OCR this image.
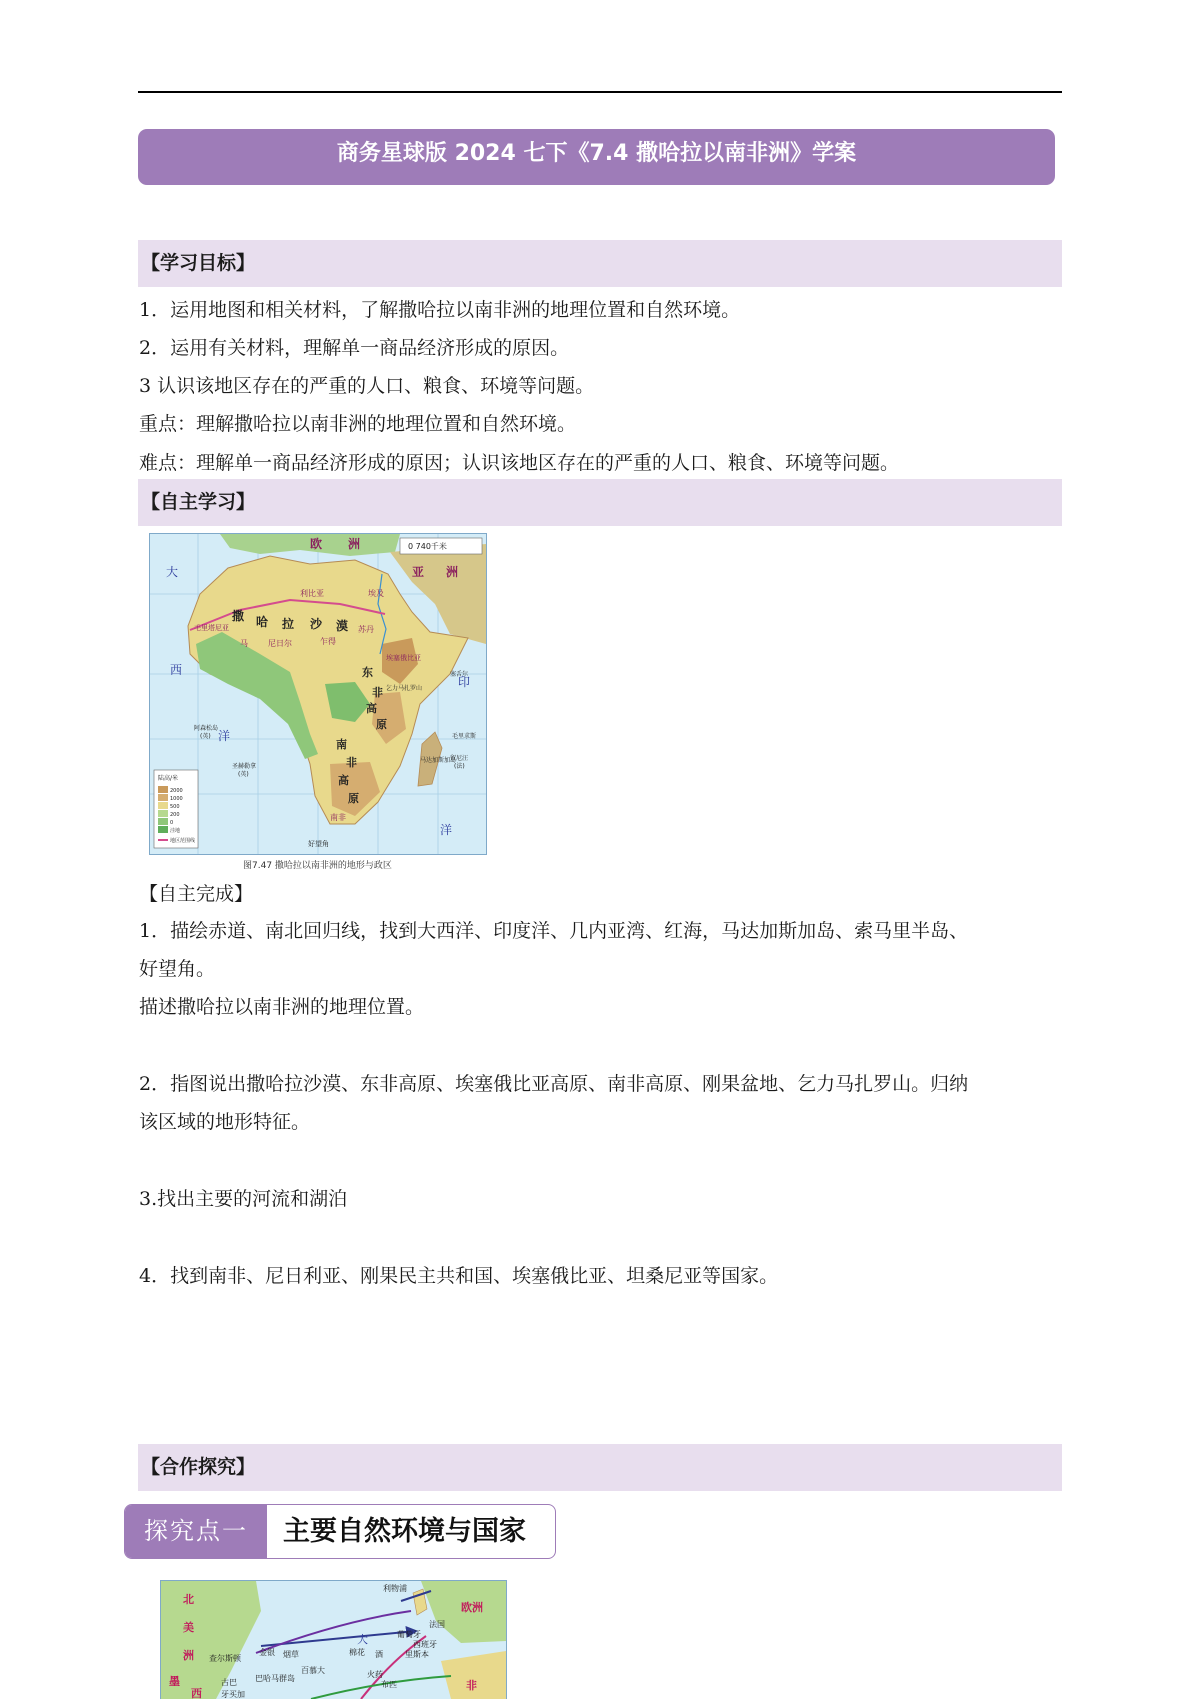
商务星球版 2024 七下《7.4 撒哈拉以南非洲》学案
【学习目标】
1．运用地图和相关材料，了解撒哈拉以南非洲的地理位置和自然环境。
2．运用有关材料，理解单一商品经济形成的原因。
3 认识该地区存在的严重的人口、粮食、环境等问题。
重点：理解撒哈拉以南非洲的地理位置和自然环境。
难点：理解单一商品经济形成的原因；认识该地区存在的严重的人口、粮食、环境等问题。
【自主学习】
0 740千米
欧 洲
亚 洲
大
西
洋
印
洋
撒 哈 拉 沙 漠
埃及
利比亚
苏丹
乍得
尼日尔
马
毛里塔尼亚
埃塞俄比亚
东
非
高
原
乞力马扎罗山
南
非
高
原
南非
好望角
马达加斯加岛
毛里求斯
留尼汪
(法)
塞舌尔
阿森松岛
(英)
圣赫勒拿
(英)
陆高/米
2000
1000
500
200
0
洼地
地区范围线
图7.47 撒哈拉以南非洲的地形与政区
【自主完成】
1．描绘赤道、南北回归线，找到大西洋、印度洋、几内亚湾、红海，马达加斯加岛、索马里半岛、
好望角。
描述撒哈拉以南非洲的地理位置。
2．指图说出撒哈拉沙漠、东非高原、埃塞俄比亚高原、南非高原、刚果盆地、乞力马扎罗山。归纳
该区域的地形特征。
3.找出主要的河流和湖泊
4．找到南非、尼日利亚、刚果民主共和国、埃塞俄比亚、坦桑尼亚等国家。
【合作探究】
探究点一	主要自然环境与国家
北
美
洲
墨
西
欧洲
非
大
利物浦
法国
葡萄牙
西班牙
里斯本
查尔斯顿
金银 烟草	棉花 酒
火药
布匹
古巴 巴哈马群岛
牙买加
百慕大
